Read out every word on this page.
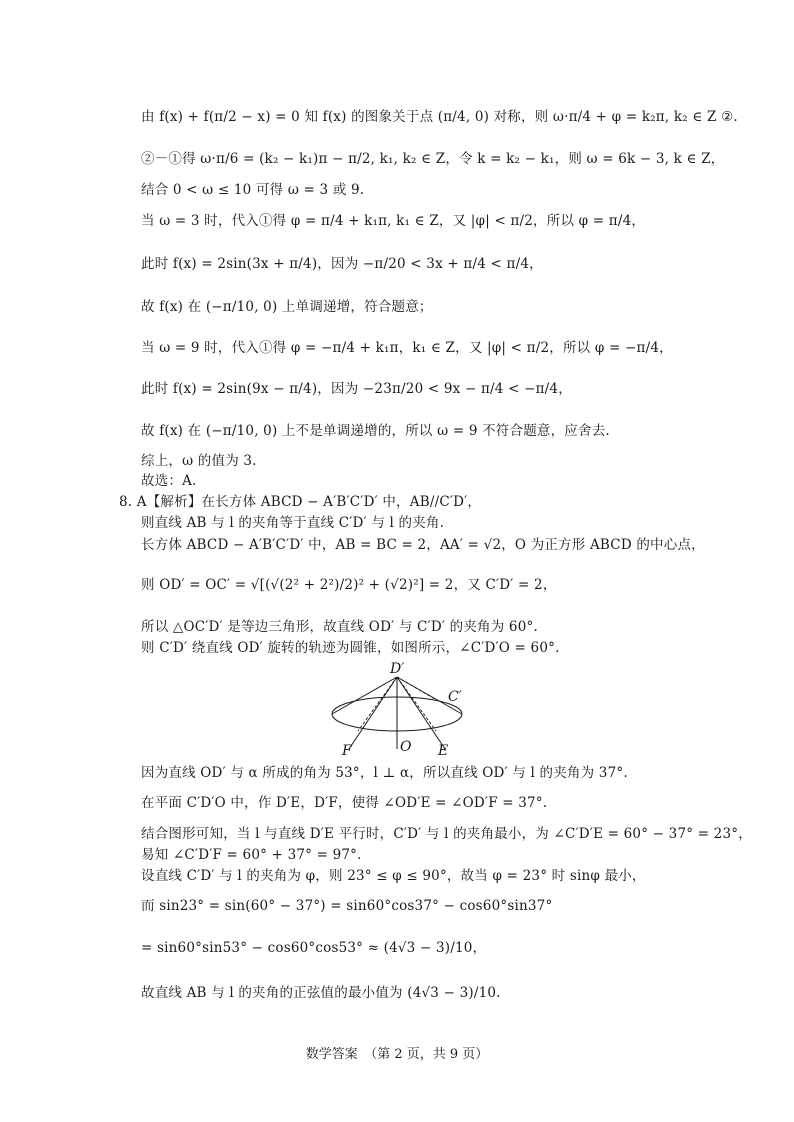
由 f(x) + f(π/2 − x) = 0 知 f(x) 的图象关于点 (π/4, 0) 对称，则 ω·π/4 + φ = k₂π, k₂ ∈ Z ②.
②－①得 ω·π/6 = (k₂ − k₁)π − π/2, k₁, k₂ ∈ Z，令 k = k₂ − k₁，则 ω = 6k − 3, k ∈ Z，
结合 0 < ω ≤ 10 可得 ω = 3 或 9.
当 ω = 3 时，代入①得 φ = π/4 + k₁π, k₁ ∈ Z，又 |φ| < π/2，所以 φ = π/4，
此时 f(x) = 2sin(3x + π/4)，因为 −π/20 < 3x + π/4 < π/4，
故 f(x) 在 (−π/10, 0) 上单调递增，符合题意；
当 ω = 9 时，代入①得 φ = −π/4 + k₁π，k₁ ∈ Z，又 |φ| < π/2，所以 φ = −π/4，
此时 f(x) = 2sin(9x − π/4)，因为 −23π/20 < 9x − π/4 < −π/4，
故 f(x) 在 (−π/10, 0) 上不是单调递增的，所以 ω = 9 不符合题意，应舍去.
综上，ω 的值为 3.
故选：A.
8. A【解析】在长方体 ABCD − A′B′C′D′ 中，AB//C′D′，
则直线 AB 与 l 的夹角等于直线 C′D′ 与 l 的夹角.
长方体 ABCD − A′B′C′D′ 中，AB = BC = 2，AA′ = √2，O 为正方形 ABCD 的中心点，
则 OD′ = OC′ = √[(√(2² + 2²)/2)² + (√2)²] = 2，又 C′D′ = 2，
所以 △OC′D′ 是等边三角形，故直线 OD′ 与 C′D′ 的夹角为 60°.
则 C′D′ 绕直线 OD′ 旋转的轨迹为圆锥，如图所示，∠C′D′O = 60°.
D′
C′
F	O E
因为直线 OD′ 与 α 所成的角为 53°，l ⊥ α，所以直线 OD′ 与 l 的夹角为 37°.
在平面 C′D′O 中，作 D′E，D′F，使得 ∠OD′E = ∠OD′F = 37°.
结合图形可知，当 l 与直线 D′E 平行时，C′D′ 与 l 的夹角最小，为 ∠C′D′E = 60° − 37° = 23°，
易知 ∠C′D′F = 60° + 37° = 97°.
设直线 C′D′ 与 l 的夹角为 φ，则 23° ≤ φ ≤ 90°，故当 φ = 23° 时 sinφ 最小，
而 sin23° = sin(60° − 37°) = sin60°cos37° − cos60°sin37°
= sin60°sin53° − cos60°cos53° ≈ (4√3 − 3)/10，
故直线 AB 与 l 的夹角的正弦值的最小值为 (4√3 − 3)/10.
数学答案　（第 2 页，共 9 页）
